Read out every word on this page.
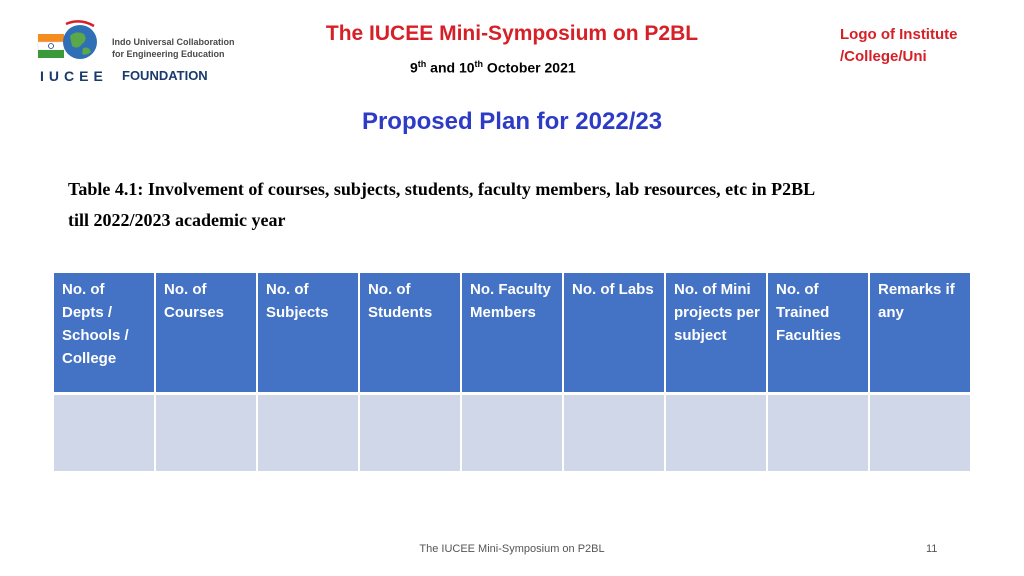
Indo Universal Collaboration
for Engineering Education
IUCEE FOUNDATION
The IUCEE Mini-Symposium on P2BL
9th and 10th October 2021
Logo of Institute
/College/Uni
Proposed Plan for 2022/23
Table 4.1: Involvement of courses, subjects, students, faculty members, lab resources, etc in P2BL
till 2022/2023 academic year
No. of Depts / Schools / College	No. of Courses	No. of Subjects	No. of Students	No. Faculty Members	No. of Labs	No. of Mini projects per subject	No. of Trained Faculties	Remarks if any

The IUCEE Mini-Symposium on P2BL	11
